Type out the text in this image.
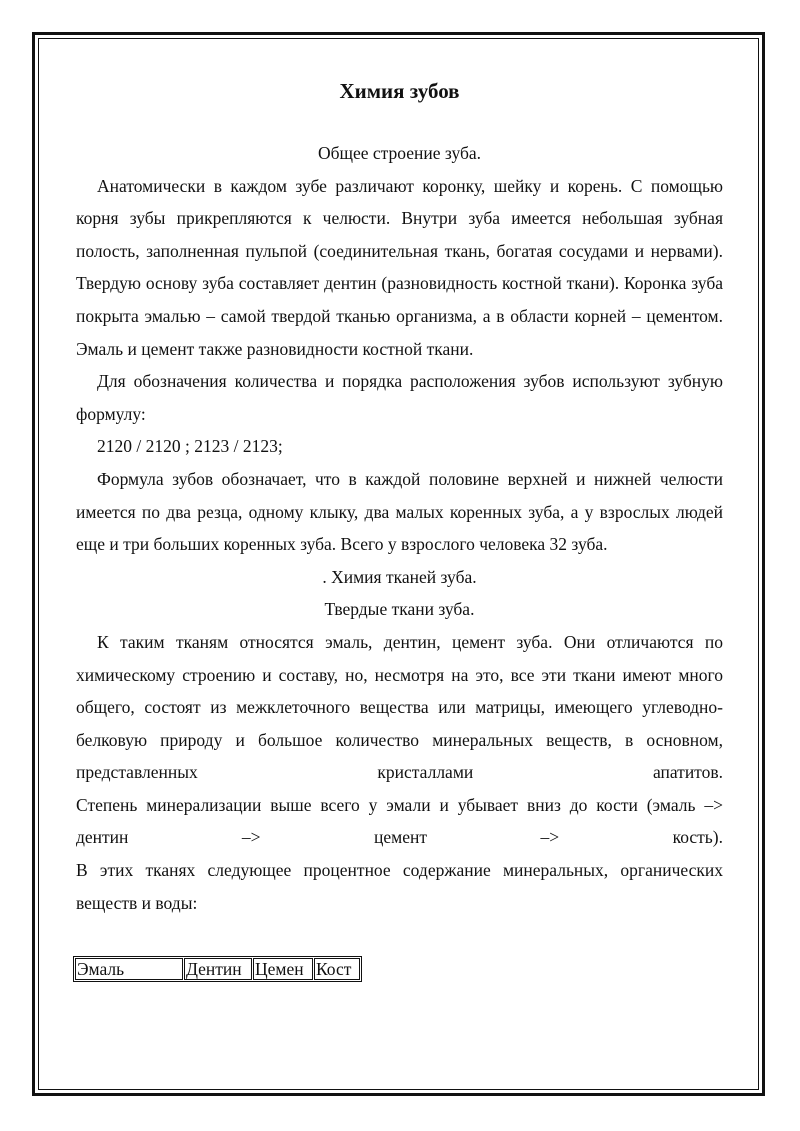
Химия зубов

Общее строение зуба.

Анатомически в каждом зубе различают коронку, шейку и корень. С помощью корня зубы прикрепляются к челюсти. Внутри зуба имеется небольшая зубная полость, заполненная пульпой (соединительная ткань, богатая сосудами и нервами). Твердую основу зуба составляет дентин (разновидность костной ткани). Коронка зуба покрыта эмалью – самой твердой тканью организма, а в области корней – цементом. Эмаль и цемент также разновидности костной ткани.

Для обозначения количества и порядка расположения зубов используют зубную формулу:

2120 / 2120 ; 2123 / 2123;

Формула зубов обозначает, что в каждой половине верхней и нижней челюсти имеется по два резца, одному клыку, два малых коренных зуба, а у взрослых людей еще и три больших коренных зуба. Всего у взрослого человека 32 зуба.

. Химия тканей зуба.

Твердые ткани зуба.

К таким тканям относятся эмаль, дентин, цемент зуба. Они отличаются по химическому строению и составу, но, несмотря на это, все эти ткани имеют много общего, состоят из межклеточного вещества или матрицы, имеющего углеводно-белковую природу и большое количество минеральных веществ, в основном, представленных кристаллами апатитов.

Степень минерализации выше всего у эмали и убывает вниз до кости (эмаль –> дентин –> цемент –> кость).

В этих тканях следующее процентное содержание минеральных, органических веществ и воды:

Эмаль	Дентин	Цемен	Кост
